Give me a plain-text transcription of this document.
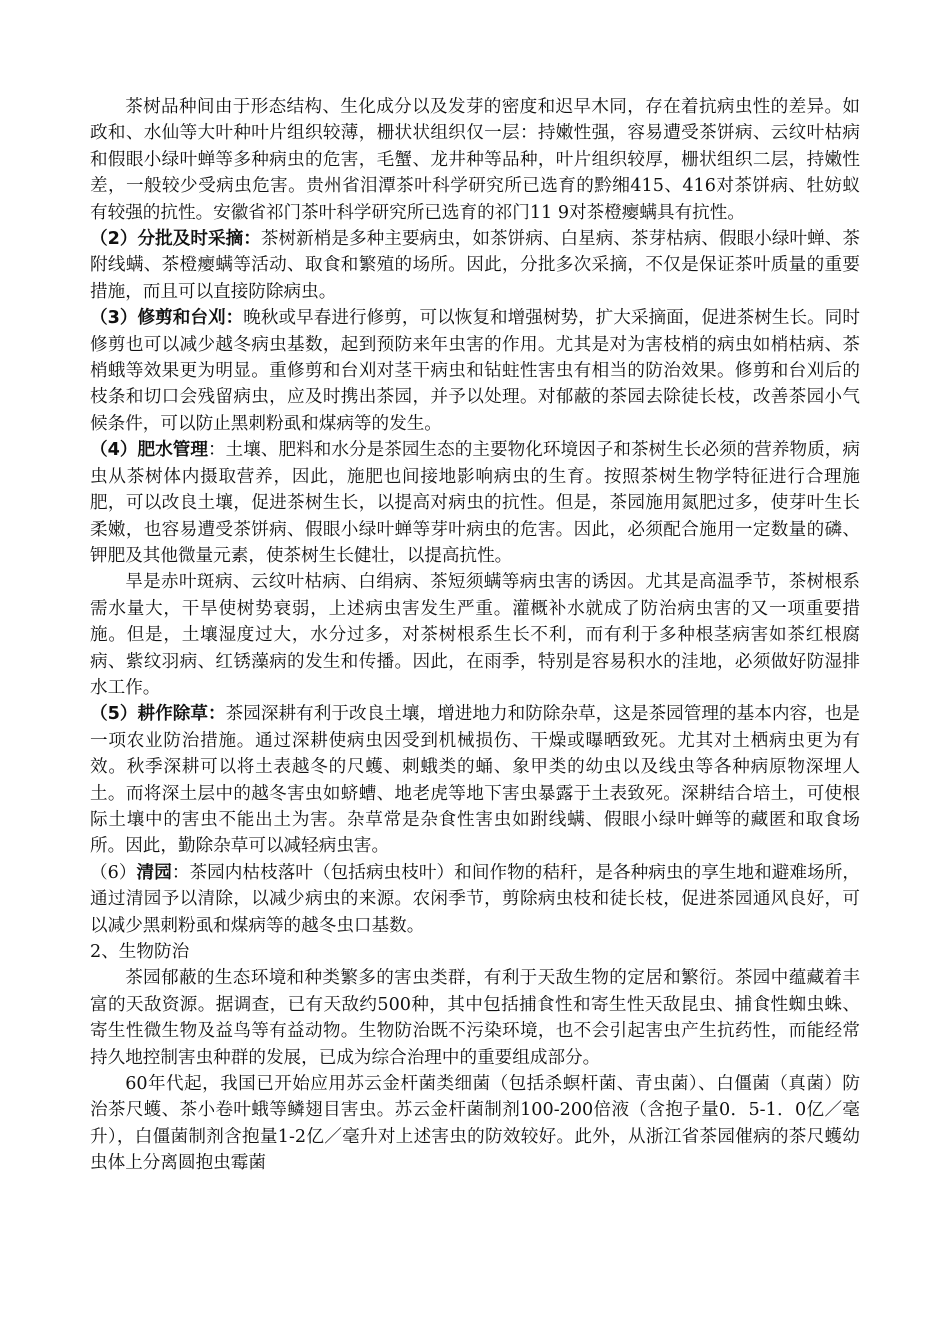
茶树品种间由于形态结构、生化成分以及发芽的密度和迟早木同，存在着抗病虫性的差异。如政和、水仙等大叶种叶片组织较薄，栅状状组织仅一层：持嫩性强，容易遭受茶饼病、云纹叶枯病和假眼小绿叶蝉等多种病虫的危害，毛蟹、龙井种等品种，叶片组织较厚，栅状组织二层，持嫩性差，一般较少受病虫危害。贵州省泪潭茶叶科学研究所已选育的黔缃415、416对茶饼病、牡妨蚁有较强的抗性。安徽省祁门茶叶科学研究所已选育的祁门11 9对茶橙瘿螨具有抗性。

（2）分批及时采摘：茶树新梢是多种主要病虫，如茶饼病、白星病、茶芽枯病、假眼小绿叶蝉、茶附线螨、茶橙瘿螨等活动、取食和繁殖的场所。因此，分批多次采摘，不仅是保证茶叶质量的重要措施，而且可以直接防除病虫。

（3）修剪和台刈：晚秋或早春进行修剪，可以恢复和增强树势，扩大采摘面，促进茶树生长。同时修剪也可以减少越冬病虫基数，起到预防来年虫害的作用。尤其是对为害枝梢的病虫如梢枯病、茶梢蛾等效果更为明显。重修剪和台刈对茎干病虫和钻蛀性害虫有相当的防治效果。修剪和台刈后的枝条和切口会残留病虫，应及时携出茶园，并予以处理。对郁蔽的茶园去除徒长枝，改善茶园小气候条件，可以防止黑刺粉虱和煤病等的发生。

（4）肥水管理：土壤、肥料和水分是茶园生态的主要物化环境因子和茶树生长必须的营养物质，病虫从茶树体内摄取营养，因此，施肥也间接地影响病虫的生育。按照茶树生物学特征进行合理施肥，可以改良土壤，促进茶树生长，以提高对病虫的抗性。但是，茶园施用氮肥过多，使芽叶生长柔嫩，也容易遭受茶饼病、假眼小绿叶蝉等芽叶病虫的危害。因此，必须配合施用一定数量的磷、钾肥及其他微量元素，使茶树生长健壮，以提高抗性。

旱是赤叶斑病、云纹叶枯病、白绢病、茶短须螨等病虫害的诱因。尤其是高温季节，茶树根系需水量大，干旱使树势衰弱，上述病虫害发生严重。灌概补水就成了防治病虫害的又一项重要措施。但是，土壤湿度过大，水分过多，对茶树根系生长不利，而有利于多种根茎病害如茶红根腐病、紫纹羽病、红锈藻病的发生和传播。因此，在雨季，特别是容易积水的洼地，必须做好防湿排水工作。

（5）耕作除草：茶园深耕有利于改良土壤，增进地力和防除杂草，这是茶园管理的基本内容，也是一项农业防治措施。通过深耕使病虫因受到机械损伤、干燥或曝晒致死。尤其对土栖病虫更为有效。秋季深耕可以将土表越冬的尺蠖、刺蛾类的蛹、象甲类的幼虫以及线虫等各种病原物深埋人土。而将深土层中的越冬害虫如蛴螬、地老虎等地下害虫暴露于土表致死。深耕结合培土，可使根际土壤中的害虫不能出土为害。杂草常是杂食性害虫如跗线螨、假眼小绿叶蝉等的藏匿和取食场所。因此，勤除杂草可以减轻病虫害。

（6）清园：茶园内枯枝落叶（包括病虫枝叶）和间作物的秸秆，是各种病虫的享生地和避难场所，通过清园予以清除，以减少病虫的来源。农闲季节，剪除病虫枝和徒长枝，促进茶园通风良好，可以减少黑刺粉虱和煤病等的越冬虫口基数。

2、生物防治

茶园郁蔽的生态环境和种类繁多的害虫类群，有利于天敌生物的定居和繁衍。茶园中蕴藏着丰富的天敌资源。据调查，已有天敌约500种，其中包括捕食性和寄生性天敌昆虫、捕食性蜘虫蛛、寄生性微生物及益鸟等有益动物。生物防治既不污染环境，也不会引起害虫产生抗药性，而能经常持久地控制害虫种群的发展，已成为综合治理中的重要组成部分。

60年代起，我国已开始应用苏云金杆菌类细菌（包括杀螟杆菌、青虫菌）、白僵菌（真菌）防治茶尺蠖、茶小卷叶蛾等鳞翅目害虫。苏云金杆菌制剂100-200倍液（含抱子量0．5-1．0亿／毫升），白僵菌制剂含抱量1-2亿／毫升对上述害虫的防效较好。此外，从浙江省茶园催病的茶尺蠖幼虫体上分离圆抱虫霉菌
